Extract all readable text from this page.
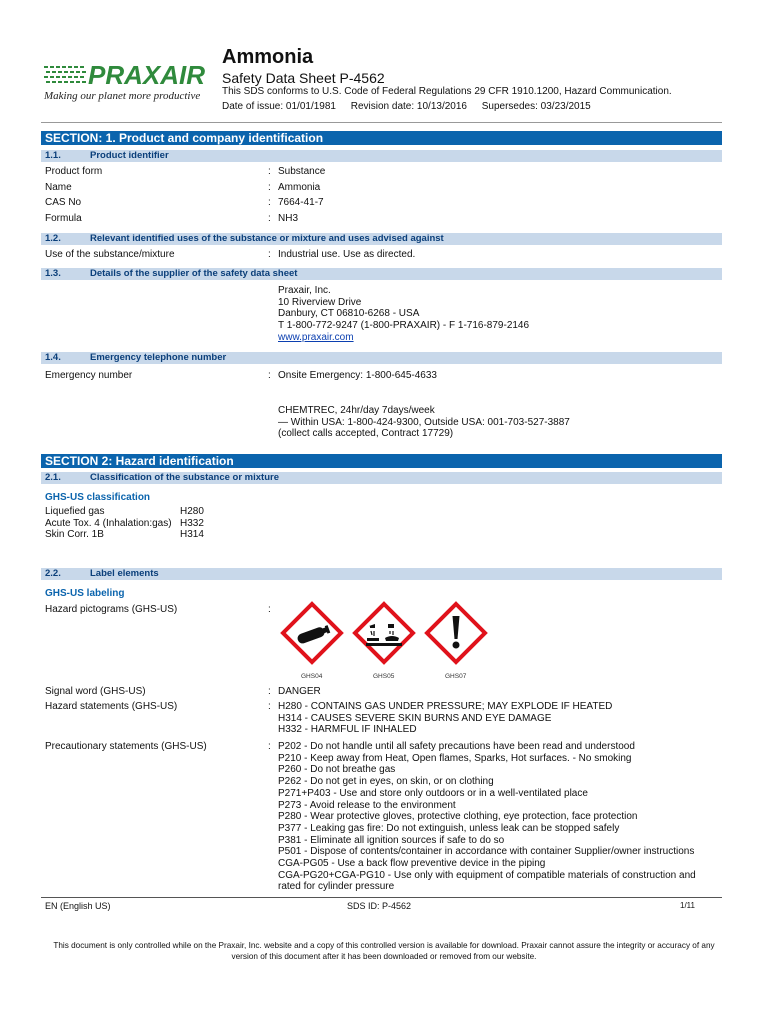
PRAXAIR
Making our planet more productive
Ammonia
Safety Data Sheet P-4562
This SDS conforms to U.S. Code of Federal Regulations 29 CFR 1910.1200, Hazard Communication.
Date of issue: 01/01/1981 Revision date: 10/13/2016 Supersedes: 03/23/2015
SECTION: 1. Product and company identification
1.1.	Product identifier
Product form	: Substance
Name	: Ammonia
CAS No	: 7664-41-7
Formula	: NH3
1.2.	Relevant identified uses of the substance or mixture and uses advised against
Use of the substance/mixture	: Industrial use. Use as directed.
1.3.	Details of the supplier of the safety data sheet
Praxair, Inc.
10 Riverview Drive
Danbury, CT 06810-6268 - USA
T 1-800-772-9247 (1-800-PRAXAIR) - F 1-716-879-2146
www.praxair.com
1.4.	Emergency telephone number
Emergency number	: Onsite Emergency: 1-800-645-4633
CHEMTREC, 24hr/day 7days/week
— Within USA: 1-800-424-9300, Outside USA: 001-703-527-3887
(collect calls accepted, Contract 17729)
SECTION 2: Hazard identification
2.1.	Classification of the substance or mixture
GHS-US classification
Liquefied gas	H280
Acute Tox. 4 (Inhalation:gas) H332
Skin Corr. 1B	H314
2.2.	Label elements
GHS-US labeling
Hazard pictograms (GHS-US)	:
GHS04	GHS05	GHS07
Signal word (GHS-US)	: DANGER
Hazard statements (GHS-US)	: H280 - CONTAINS GAS UNDER PRESSURE; MAY EXPLODE IF HEATED
H314 - CAUSES SEVERE SKIN BURNS AND EYE DAMAGE
H332 - HARMFUL IF INHALED
Precautionary statements (GHS-US)	: P202 - Do not handle until all safety precautions have been read and understood
P210 - Keep away from Heat, Open flames, Sparks, Hot surfaces. - No smoking
P260 - Do not breathe gas
P262 - Do not get in eyes, on skin, or on clothing
P271+P403 - Use and store only outdoors or in a well-ventilated place
P273 - Avoid release to the environment
P280 - Wear protective gloves, protective clothing, eye protection, face protection
P377 - Leaking gas fire: Do not extinguish, unless leak can be stopped safely
P381 - Eliminate all ignition sources if safe to do so
P501 - Dispose of contents/container in accordance with container Supplier/owner instructions
CGA-PG05 - Use a back flow preventive device in the piping
CGA-PG20+CGA-PG10 - Use only with equipment of compatible materials of construction and
rated for cylinder pressure
EN (English US)	SDS ID: P-4562	1/11
This document is only controlled while on the Praxair, Inc. website and a copy of this controlled version is available for download. Praxair cannot assure the integrity or accuracy of any version of this document after it has been downloaded or removed from our website.
